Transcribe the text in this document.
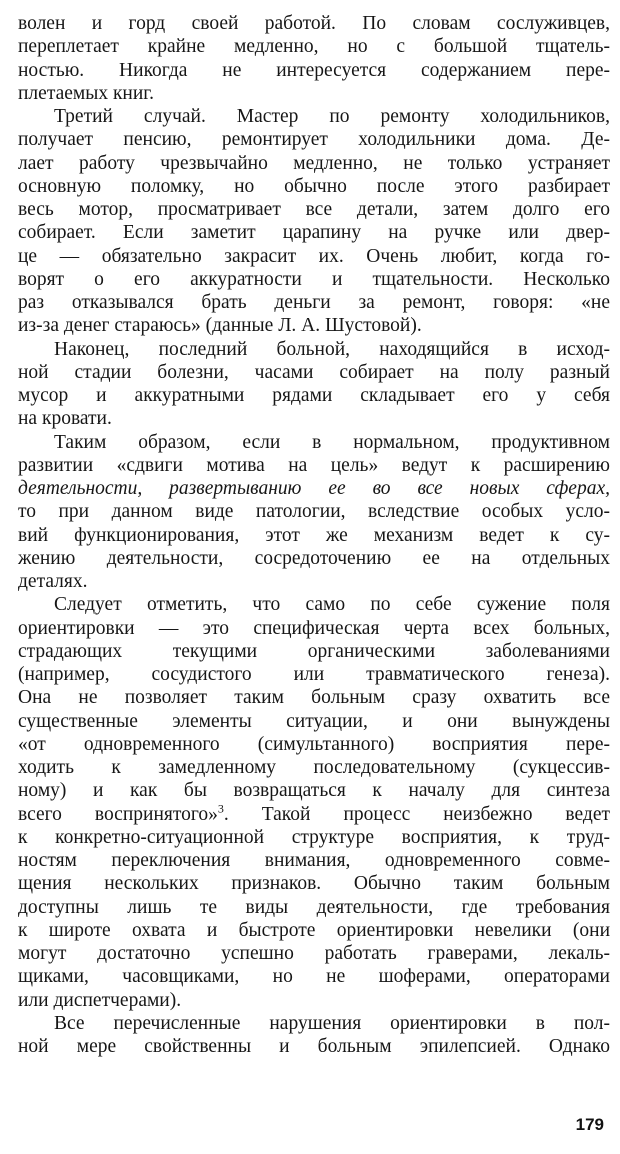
волен и горд своей работой. По словам сослуживцев,
переплетает крайне медленно, но с большой тщатель-
ностью. Никогда не интересуется содержанием пере-
плетаемых книг.
Третий случай. Мастер по ремонту холодильников,
получает пенсию, ремонтирует холодильники дома. Де-
лает работу чрезвычайно медленно, не только устраняет
основную поломку, но обычно после этого разбирает
весь мотор, просматривает все детали, затем долго его
собирает. Если заметит царапину на ручке или двер-
це — обязательно закрасит их. Очень любит, когда го-
ворят о его аккуратности и тщательности. Несколько
раз отказывался брать деньги за ремонт, говоря: «не
из-за денег стараюсь» (данные Л. А. Шустовой).
Наконец, последний больной, находящийся в исход-
ной стадии болезни, часами собирает на полу разный
мусор и аккуратными рядами складывает его у себя
на кровати.
Таким образом, если в нормальном, продуктивном
развитии «сдвиги мотива на цель» ведут к расширению
деятельности, развертыванию ее во все новых сферах,
то при данном виде патологии, вследствие особых усло-
вий функционирования, этот же механизм ведет к су-
жению деятельности, сосредоточению ее на отдельных
деталях.
Следует отметить, что само по себе сужение поля
ориентировки — это специфическая черта всех больных,
страдающих текущими органическими заболеваниями
(например, сосудистого или травматического генеза).
Она не позволяет таким больным сразу охватить все
существенные элементы ситуации, и они вынуждены
«от одновременного (симультанного) восприятия пере-
ходить к замедленному последовательному (сукцессив-
ному) и как бы возвращаться к началу для синтеза
всего воспринятого»$^3$. Такой процесс неизбежно ведет
к конкретно-ситуационной структуре восприятия, к труд-
ностям переключения внимания, одновременного совме-
щения нескольких признаков. Обычно таким больным
доступны лишь те виды деятельности, где требования
к широте охвата и быстроте ориентировки невелики (они
могут достаточно успешно работать граверами, лекаль-
щиками, часовщиками, но не шоферами, операторами
или диспетчерами).
Все перечисленные нарушения ориентировки в пол-
ной мере свойственны и больным эпилепсией. Однако
179
